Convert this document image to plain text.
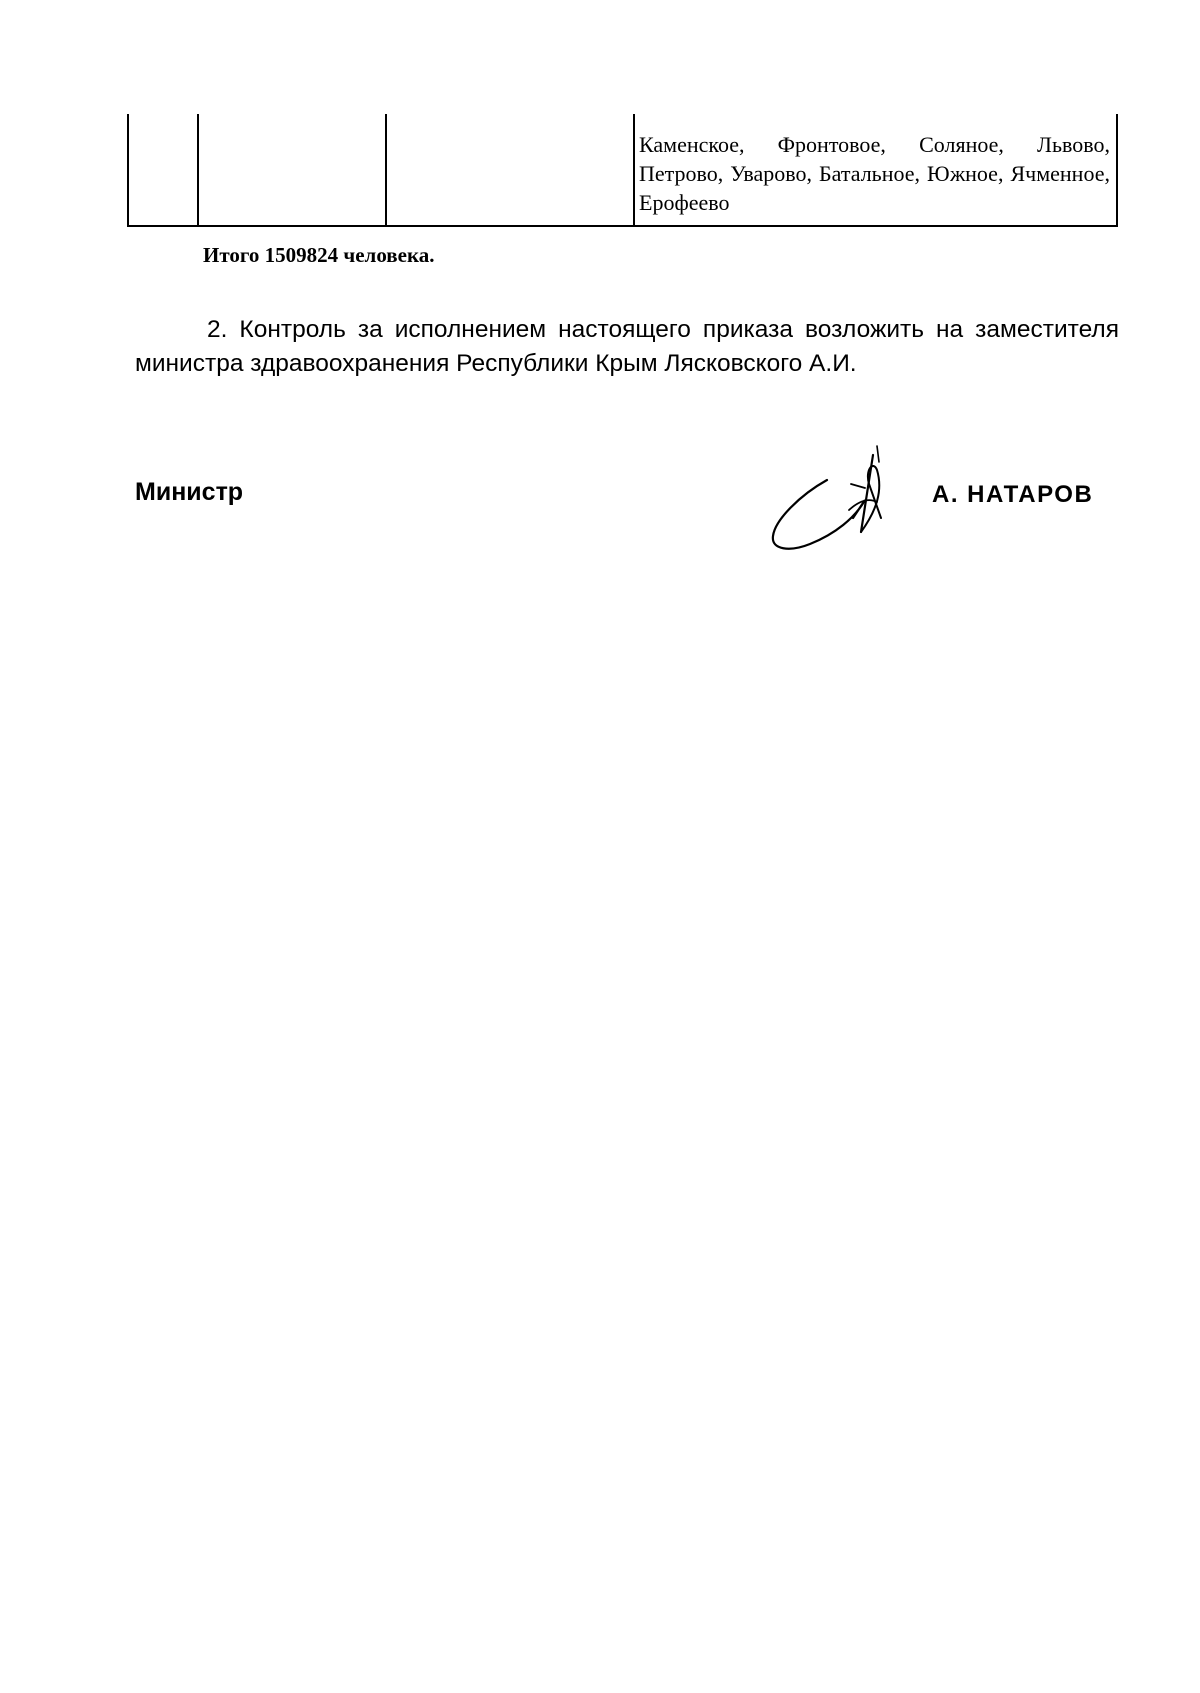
			Каменское, Фронтовое, Соляное, Львово, Петрово, Уварово, Батальное, Южное, Ячменное, Ерофеево
Итого 1509824 человека.
2. Контроль за исполнением настоящего приказа возложить на заместителя министра здравоохранения Республики Крым Лясковского А.И.
Министр	А. НАТАРОВ
